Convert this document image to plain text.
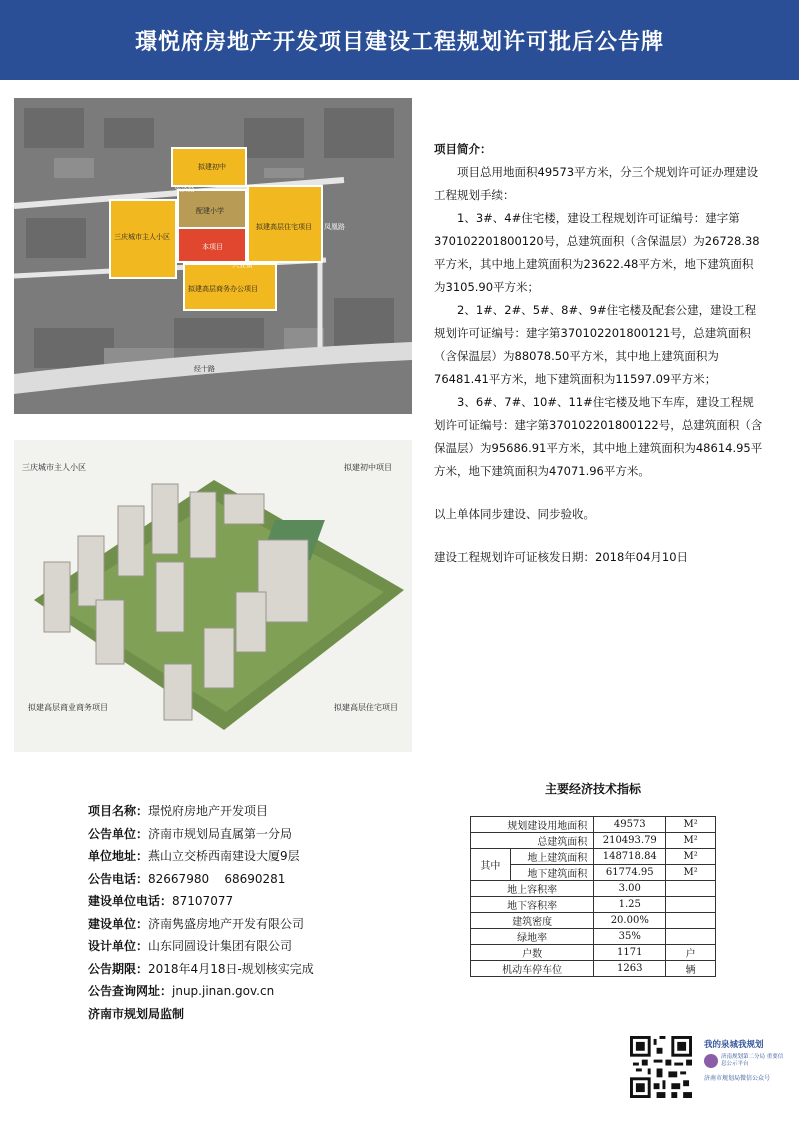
璟悦府房地产开发项目建设工程规划许可批后公告牌
拟建初中
配建小学
三庆城市主人小区
拟建高层住宅项目
本项目
拟建高层商务办公项目
兴济路
兴业街
凤凰路
经十路
三庆城市主人小区	拟建初中项目
拟建高层商业商务项目	拟建高层住宅项目

项目简介：

项目总用地面积49573平方米，分三个规划许可证办理建设工程规划手续：

1、3#、4#住宅楼，建设工程规划许可证编号：建字第370102201800120号，总建筑面积（含保温层）为26728.38平方米，其中地上建筑面积为23622.48平方米，地下建筑面积为3105.90平方米；

2、1#、2#、5#、8#、9#住宅楼及配套公建，建设工程规划许可证编号：建字第370102201800121号，总建筑面积（含保温层）为88078.50平方米，其中地上建筑面积为76481.41平方米，地下建筑面积为11597.09平方米；

3、6#、7#、10#、11#住宅楼及地下车库，建设工程规划许可证编号：建字第370102201800122号，总建筑面积（含保温层）为95686.91平方米，其中地上建筑面积为48614.95平方米，地下建筑面积为47071.96平方米。

以上单体同步建设、同步验收。

建设工程规划许可证核发日期：2018年04月10日

项目名称： 璟悦府房地产开发项目
公告单位： 济南市规划局直属第一分局
单位地址： 燕山立交桥西南建设大厦9层
公告电话： 82667980    68690281
建设单位电话： 87107077
建设单位： 济南隽盛房地产开发有限公司
设计单位： 山东同圆设计集团有限公司
公告期限： 2018年4月18日-规划核实完成
公告查询网址： jnup.jinan.gov.cn
济南市规划局监制
主要经济技术指标
规划建设用地面积		49573	M²
总建筑面积		210493.79	M²
其中	地上建筑面积	148718.84	M²
	地下建筑面积	61774.95	M²
地上容积率		3.00	
地下容积率		1.25	
建筑密度		20.00%	
绿地率		35%	
户数		1171	户
机动车停车位		1263	辆
我的泉城我规划
济南规划第二分局 重要信息公示平台
济南市规划局微信公众号
